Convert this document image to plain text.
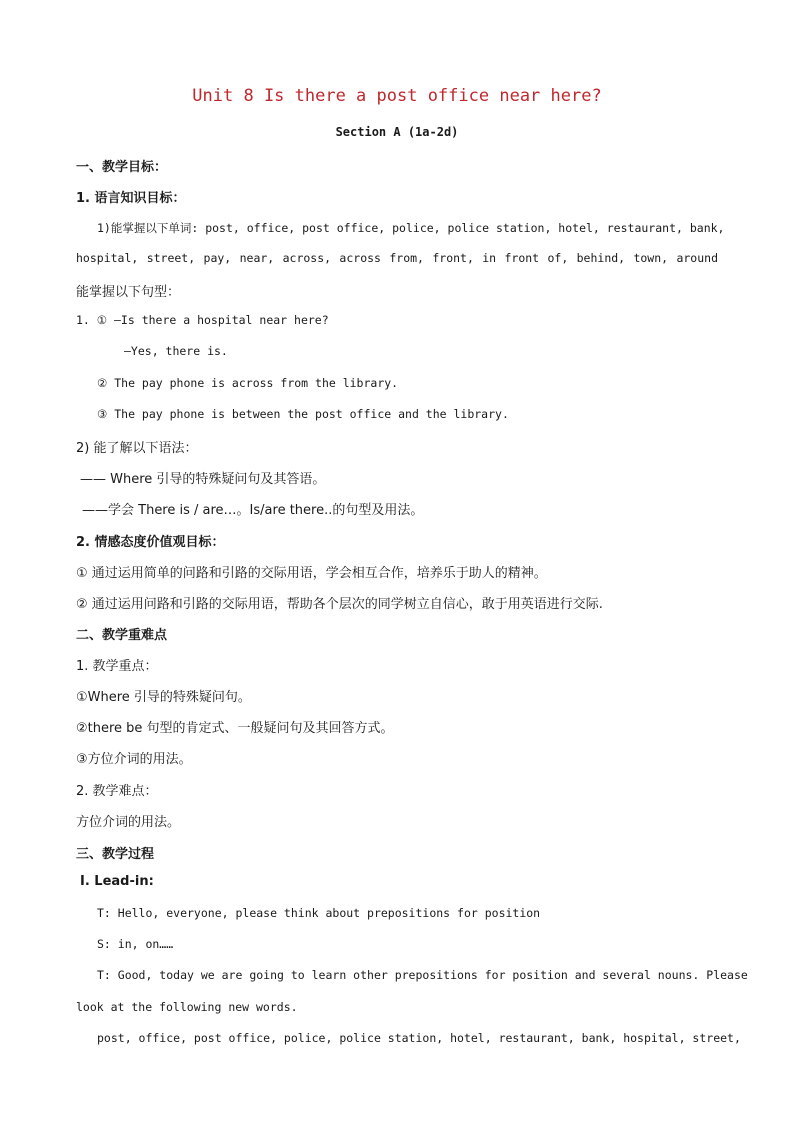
Unit 8 Is there a post office near here?
Section A (1a-2d)
一、教学目标：
1. 语言知识目标：
1)能掌握以下单词: post, office, post office, police, police station, hotel, restaurant, bank,
hospital, street, pay, near, across, across from, front, in front of, behind, town, around
能掌握以下句型：
1. ① —Is there a hospital near here?
—Yes, there is.
② The pay phone is across from the library.
③ The pay phone is between the post office and the library.
2) 能了解以下语法：
—— Where 引导的特殊疑问句及其答语。
——学会 There is / are…。Is/are there..的句型及用法。
2. 情感态度价值观目标：
① 通过运用简单的问路和引路的交际用语，学会相互合作，培养乐于助人的精神。
② 通过运用问路和引路的交际用语，帮助各个层次的同学树立自信心，敢于用英语进行交际.
二、教学重难点
1. 教学重点：
①Where 引导的特殊疑问句。
②there be 句型的肯定式、一般疑问句及其回答方式。
③方位介词的用法。
2. 教学难点：
方位介词的用法。
三、教学过程
Ⅰ. Lead-in:
T: Hello, everyone, please think about prepositions for position
S: in, on……
T: Good, today we are going to learn other prepositions for position and several nouns. Please
look at the following new words.
post, office, post office, police, police station, hotel, restaurant, bank, hospital, street,
